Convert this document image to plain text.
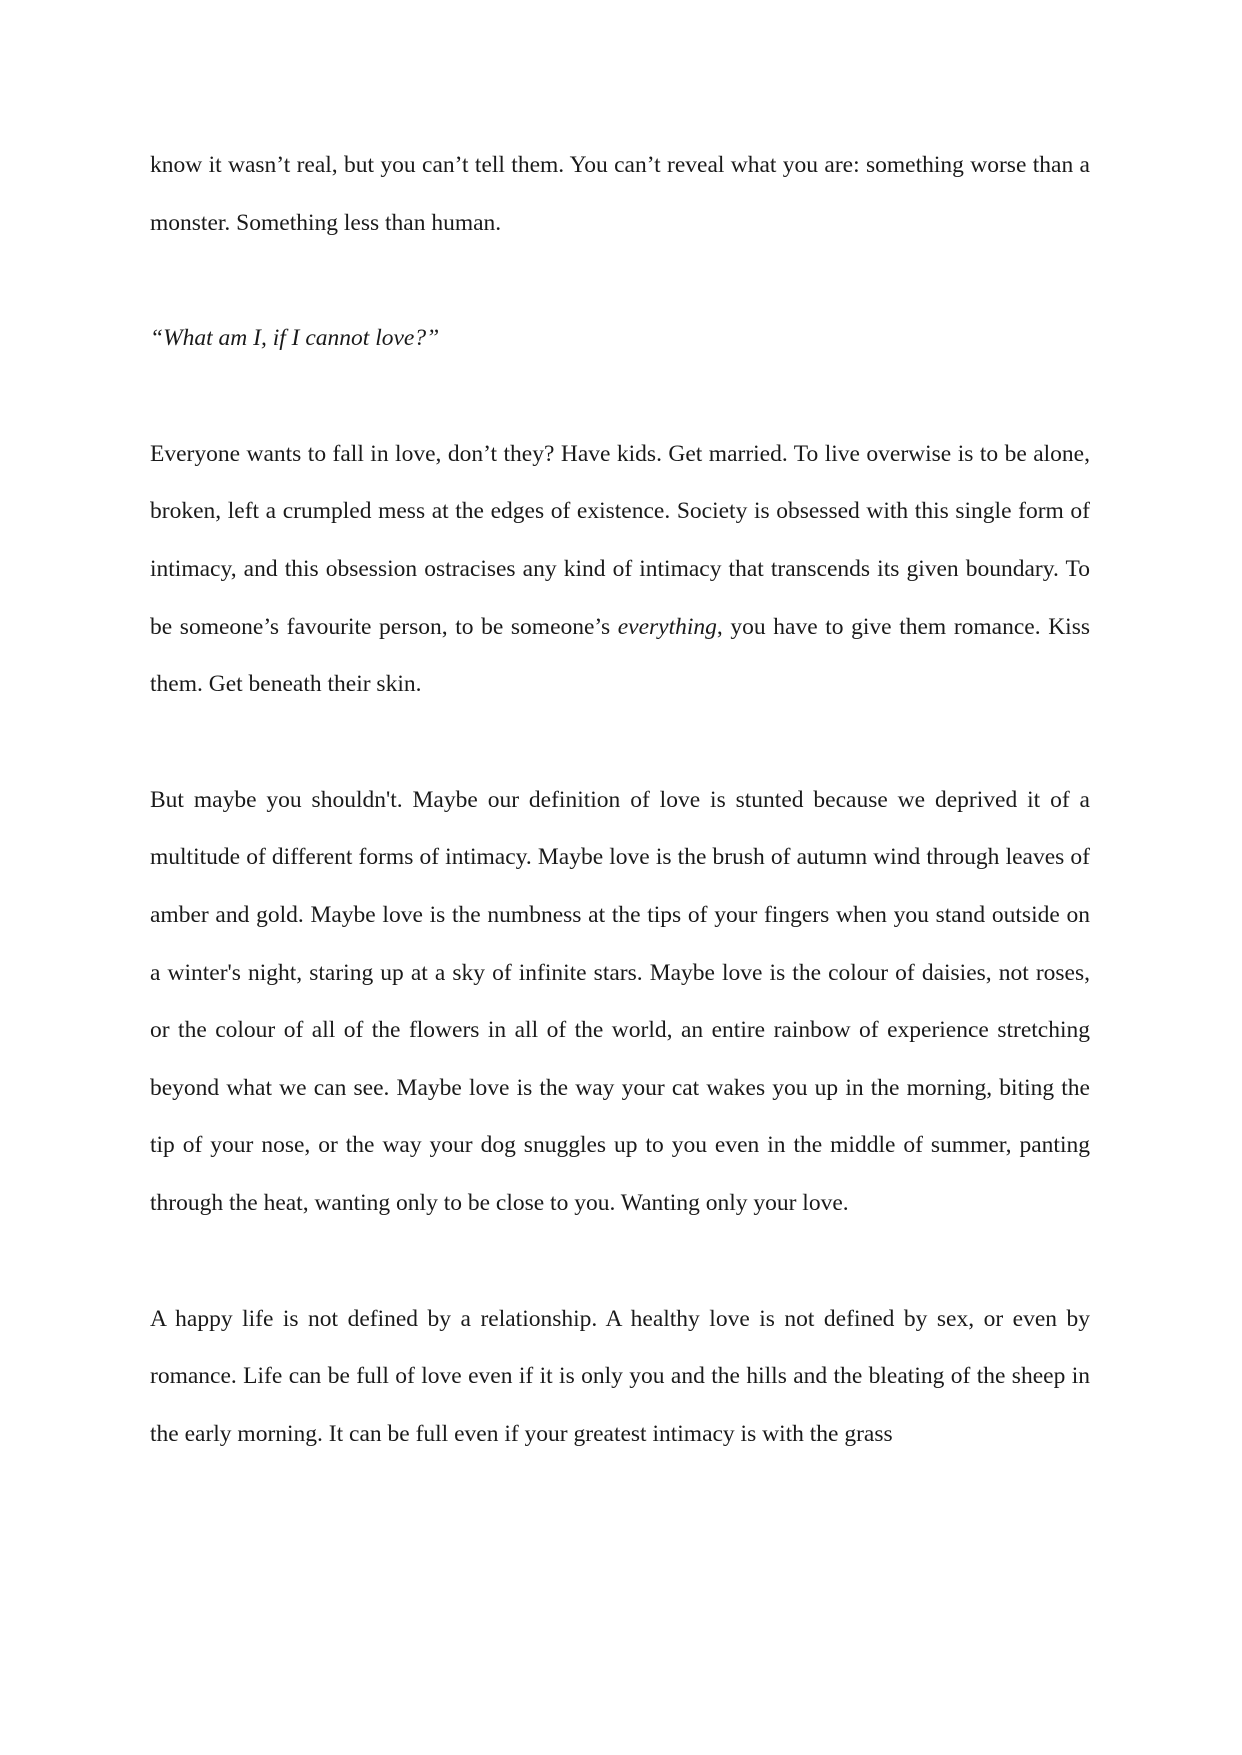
know it wasn’t real, but you can’t tell them. You can’t reveal what you are: something worse than a monster. Something less than human.

“What am I, if I cannot love?”

Everyone wants to fall in love, don’t they? Have kids. Get married. To live overwise is to be alone, broken, left a crumpled mess at the edges of existence. Society is obsessed with this single form of intimacy, and this obsession ostracises any kind of intimacy that transcends its given boundary. To be someone’s favourite person, to be someone’s everything, you have to give them romance. Kiss them. Get beneath their skin.

But maybe you shouldn't. Maybe our definition of love is stunted because we deprived it of a multitude of different forms of intimacy. Maybe love is the brush of autumn wind through leaves of amber and gold. Maybe love is the numbness at the tips of your fingers when you stand outside on a winter's night, staring up at a sky of infinite stars. Maybe love is the colour of daisies, not roses, or the colour of all of the flowers in all of the world, an entire rainbow of experience stretching beyond what we can see. Maybe love is the way your cat wakes you up in the morning, biting the tip of your nose, or the way your dog snuggles up to you even in the middle of summer, panting through the heat, wanting only to be close to you. Wanting only your love.

A happy life is not defined by a relationship. A healthy love is not defined by sex, or even by romance. Life can be full of love even if it is only you and the hills and the bleating of the sheep in the early morning. It can be full even if your greatest intimacy is with the grass
